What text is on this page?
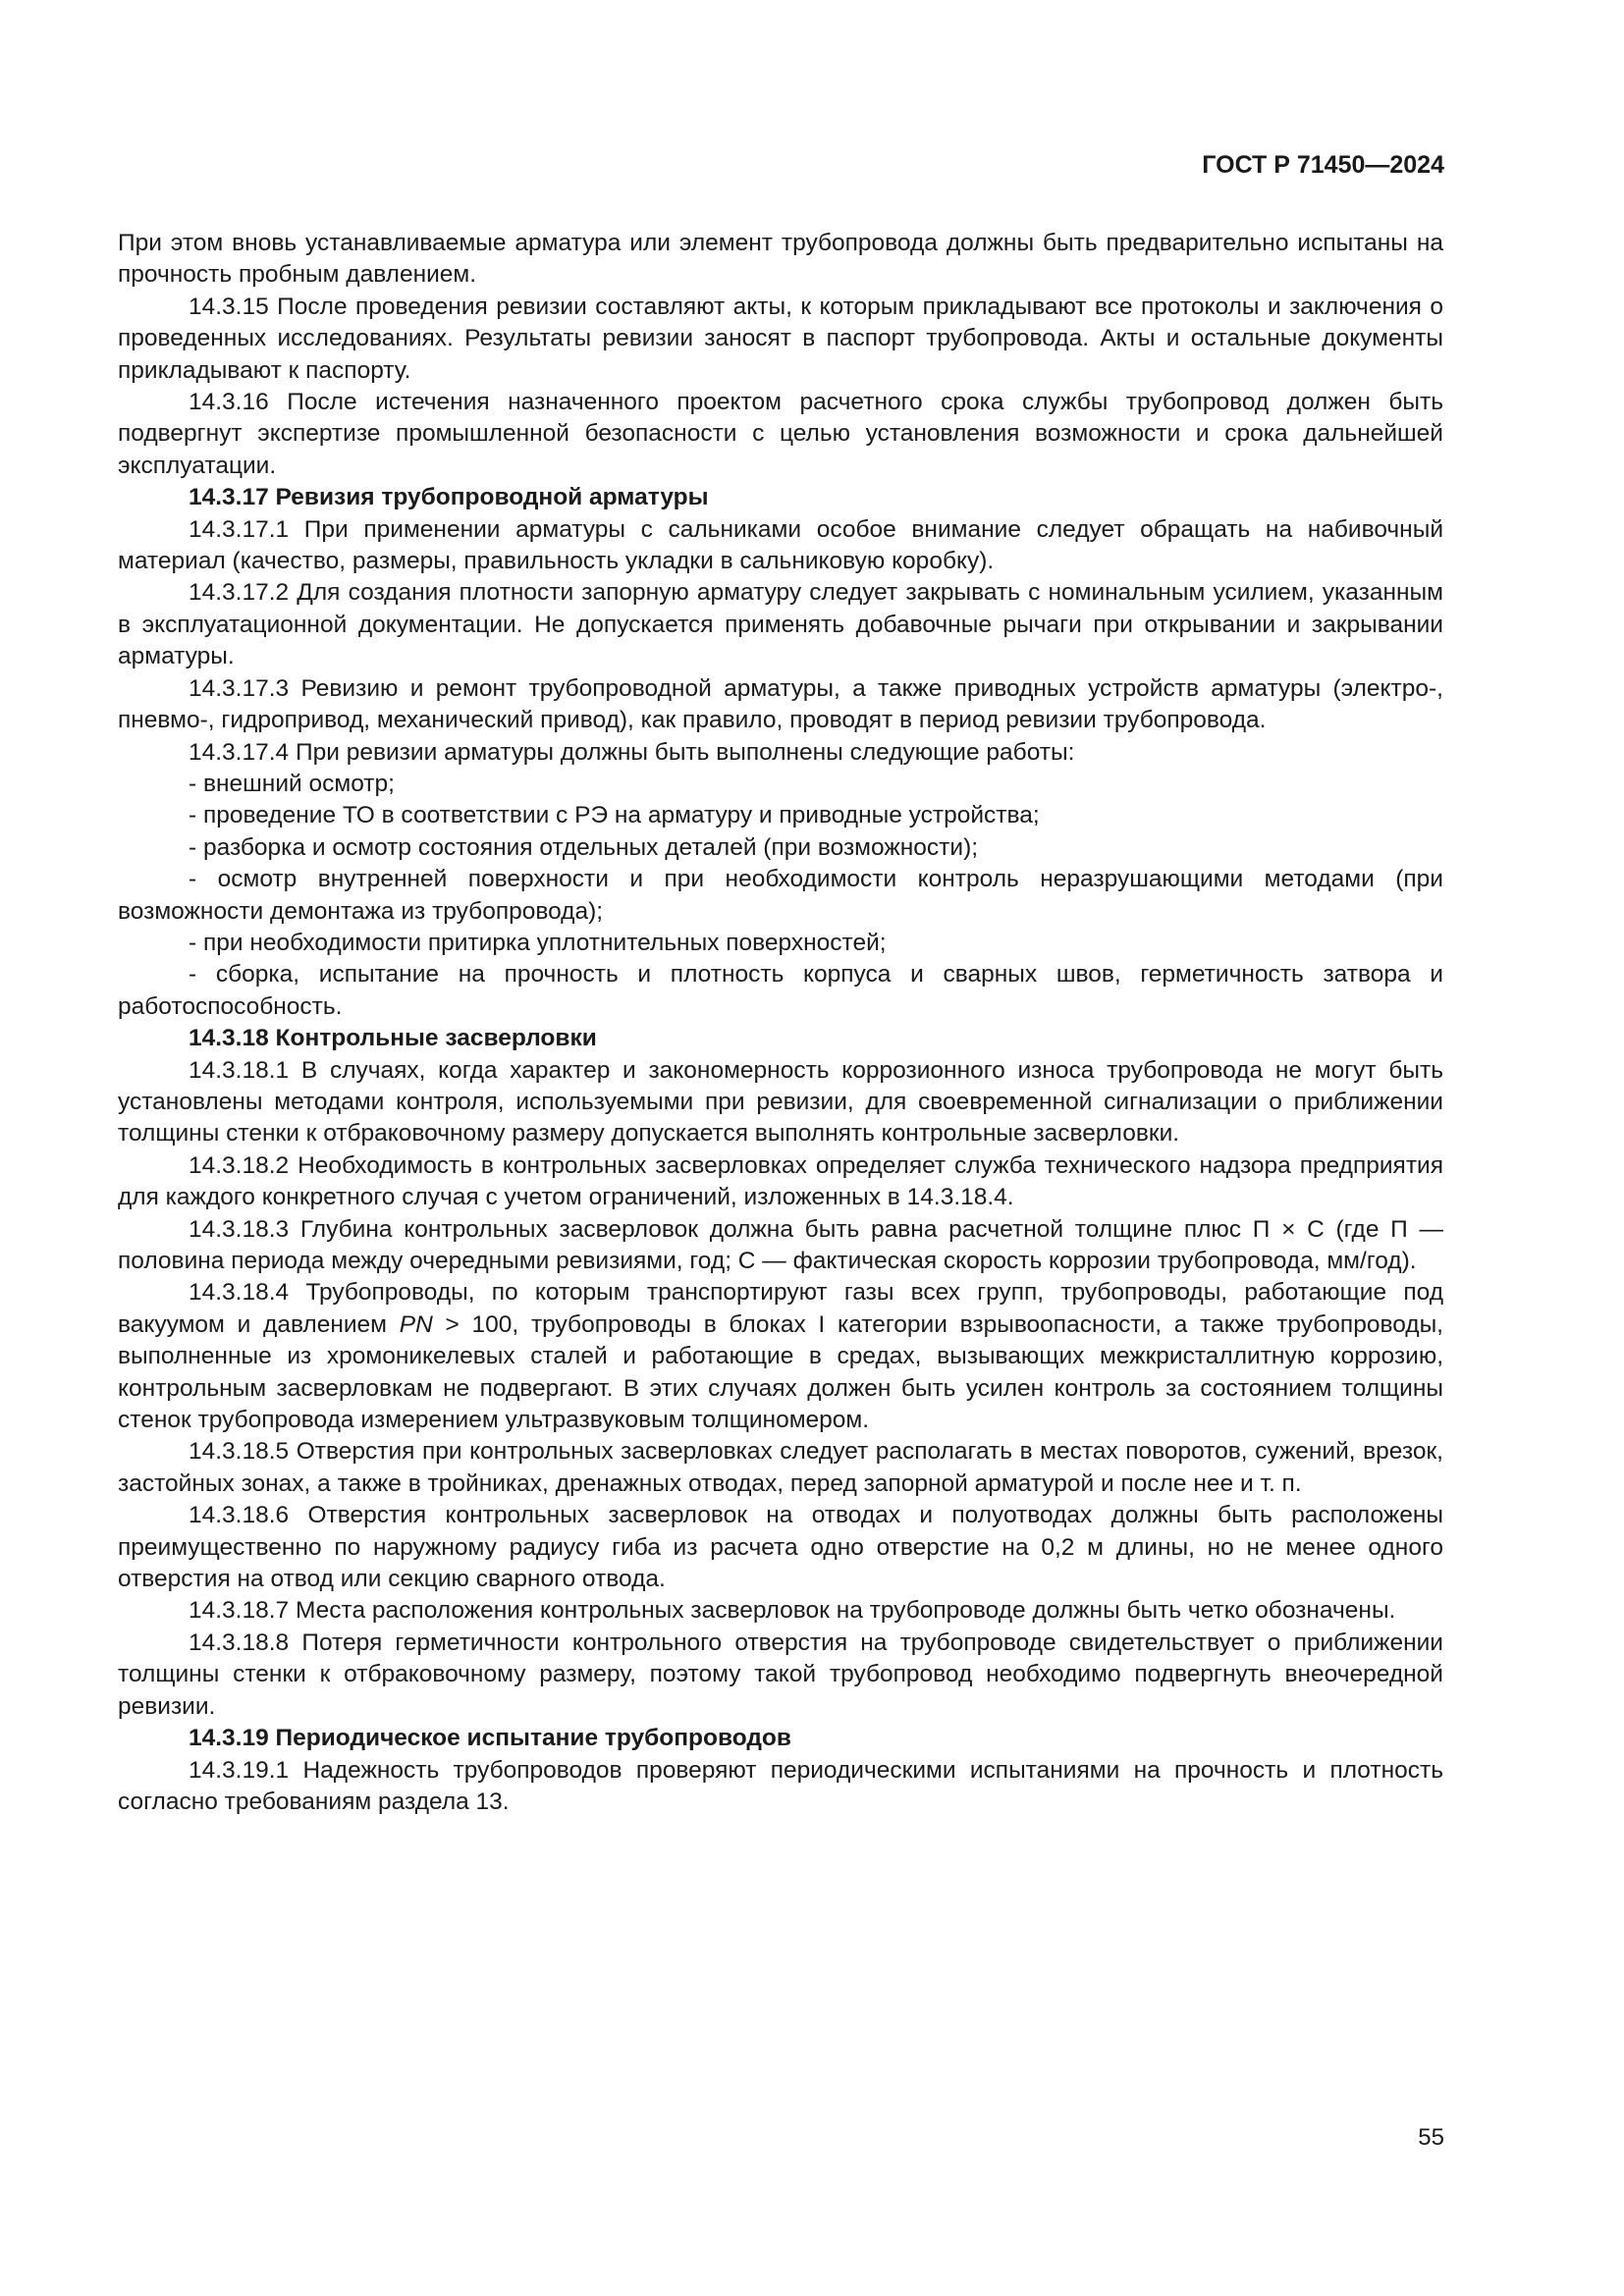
ГОСТ Р 71450—2024

При этом вновь устанавливаемые арматура или элемент трубопровода должны быть предварительно испытаны на прочность пробным давлением.

14.3.15 После проведения ревизии составляют акты, к которым прикладывают все протоколы и заключения о проведенных исследованиях. Результаты ревизии заносят в паспорт трубопровода. Акты и остальные документы прикладывают к паспорту.

14.3.16 После истечения назначенного проектом расчетного срока службы трубопровод должен быть подвергнут экспертизе промышленной безопасности с целью установления возможности и срока дальнейшей эксплуатации.

14.3.17 Ревизия трубопроводной арматуры

14.3.17.1 При применении арматуры с сальниками особое внимание следует обращать на набивочный материал (качество, размеры, правильность укладки в сальниковую коробку).

14.3.17.2 Для создания плотности запорную арматуру следует закрывать с номинальным усилием, указанным в эксплуатационной документации. Не допускается применять добавочные рычаги при открывании и закрывании арматуры.

14.3.17.3 Ревизию и ремонт трубопроводной арматуры, а также приводных устройств арматуры (электро-, пневмо-, гидропривод, механический привод), как правило, проводят в период ревизии трубопровода.

14.3.17.4 При ревизии арматуры должны быть выполнены следующие работы:

- внешний осмотр;

- проведение ТО в соответствии с РЭ на арматуру и приводные устройства;

- разборка и осмотр состояния отдельных деталей (при возможности);

- осмотр внутренней поверхности и при необходимости контроль неразрушающими методами (при возможности демонтажа из трубопровода);

- при необходимости притирка уплотнительных поверхностей;

- сборка, испытание на прочность и плотность корпуса и сварных швов, герметичность затвора и работоспособность.

14.3.18 Контрольные засверловки

14.3.18.1 В случаях, когда характер и закономерность коррозионного износа трубопровода не могут быть установлены методами контроля, используемыми при ревизии, для своевременной сигнализации о приближении толщины стенки к отбраковочному размеру допускается выполнять контрольные засверловки.

14.3.18.2 Необходимость в контрольных засверловках определяет служба технического надзора предприятия для каждого конкретного случая с учетом ограничений, изложенных в 14.3.18.4.

14.3.18.3 Глубина контрольных засверловок должна быть равна расчетной толщине плюс П × С (где П — половина периода между очередными ревизиями, год; С — фактическая скорость коррозии трубопровода, мм/год).

14.3.18.4 Трубопроводы, по которым транспортируют газы всех групп, трубопроводы, работающие под вакуумом и давлением PN > 100, трубопроводы в блоках I категории взрывоопасности, а также трубопроводы, выполненные из хромоникелевых сталей и работающие в средах, вызывающих межкристаллитную коррозию, контрольным засверловкам не подвергают. В этих случаях должен быть усилен контроль за состоянием толщины стенок трубопровода измерением ультразвуковым толщиномером.

14.3.18.5 Отверстия при контрольных засверловках следует располагать в местах поворотов, сужений, врезок, застойных зонах, а также в тройниках, дренажных отводах, перед запорной арматурой и после нее и т. п.

14.3.18.6 Отверстия контрольных засверловок на отводах и полуотводах должны быть расположены преимущественно по наружному радиусу гиба из расчета одно отверстие на 0,2 м длины, но не менее одного отверстия на отвод или секцию сварного отвода.

14.3.18.7 Места расположения контрольных засверловок на трубопроводе должны быть четко обозначены.

14.3.18.8 Потеря герметичности контрольного отверстия на трубопроводе свидетельствует о приближении толщины стенки к отбраковочному размеру, поэтому такой трубопровод необходимо подвергнуть внеочередной ревизии.

14.3.19 Периодическое испытание трубопроводов

14.3.19.1 Надежность трубопроводов проверяют периодическими испытаниями на прочность и плотность согласно требованиям раздела 13.

55
